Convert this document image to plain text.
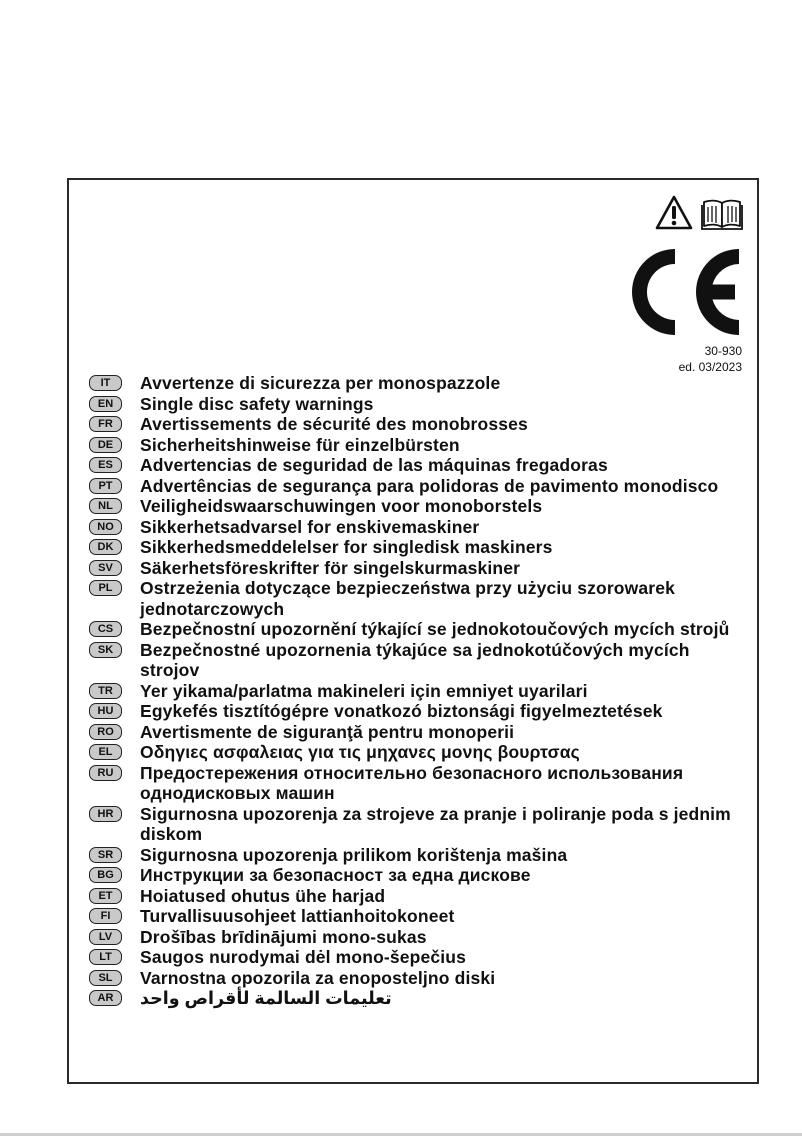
30-930
ed. 03/2023
IT	Avvertenze di sicurezza per monospazzole
EN	Single disc safety warnings
FR	Avertissements de sécurité des monobrosses
DE	Sicherheitshinweise für einzelbürsten
ES	Advertencias de seguridad de las máquinas fregadoras
PT	Advertências de segurança para polidoras de pavimento monodisco
NL	Veiligheidswaarschuwingen voor monoborstels
NO	Sikkerhetsadvarsel for enskivemaskiner
DK	Sikkerhedsmeddelelser for singledisk maskiners
SV	Säkerhetsföreskrifter för singelskurmaskiner
PL	Ostrzeżenia dotyczące bezpieczeństwa przy użyciu szorowarek jednotarczowych
CS	Bezpečnostní upozornění týkající se jednokotoučových mycích strojů
SK	Bezpečnostné upozornenia týkajúce sa jednokotúčových mycích strojov
TR	Yer yikama/parlatma makineleri için emniyet uyarilari
HU	Egykefés tisztítógépre vonatkozó biztonsági figyelmeztetések
RO	Avertismente de siguranţă pentru monoperii
EL	Οδηγιες ασφαλειας για τις μηχανες μονης βουρτσας
RU	Предостережения относительно безопасного использования однодисковых машин
HR	Sigurnosna upozorenja za strojeve za pranje i poliranje poda s jednim diskom
SR	Sigurnosna upozorenja prilikom korištenja mašina
BG	Инструкции за безопасност за една дискове
ET	Hoiatused ohutus ühe harjad
FI	Turvallisuusohjeet lattianhoitokoneet
LV	Drošības brīdinājumi mono-sukas
LT	Saugos nurodymai dėl mono-šepečius
SL	Varnostna opozorila za enoposteljno diski
AR	تعليمات السالمة لأقراص واحد
